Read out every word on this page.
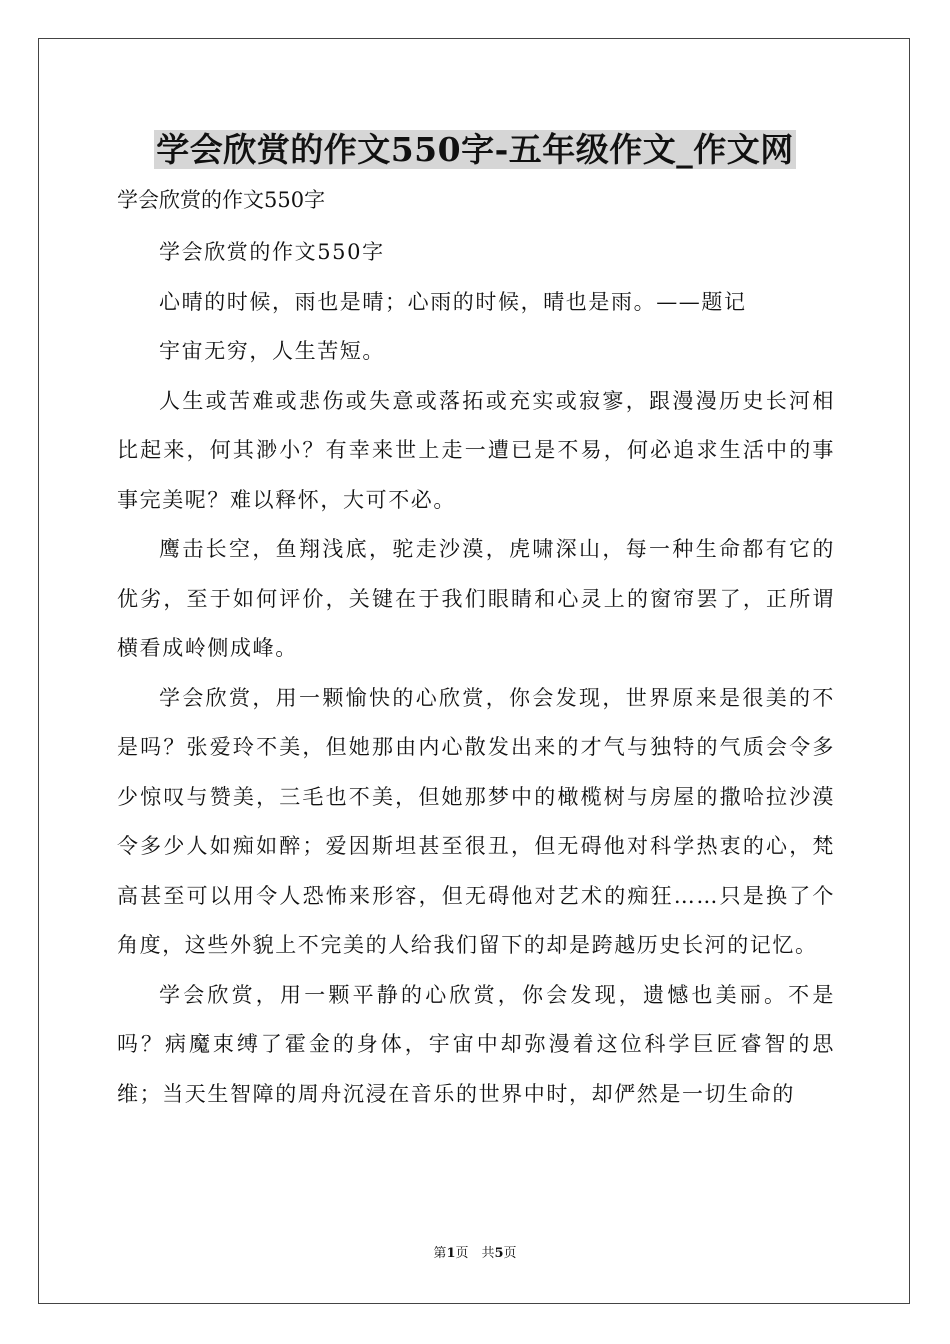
学会欣赏的作文550字-五年级作文_作文网
学会欣赏的作文550字

学会欣赏的作文550字

心晴的时候，雨也是晴；心雨的时候，晴也是雨。——题记

宇宙无穷，人生苦短。

人生或苦难或悲伤或失意或落拓或充实或寂寥，跟漫漫历史长河相比起来，何其渺小？有幸来世上走一遭已是不易，何必追求生活中的事事完美呢？难以释怀，大可不必。

鹰击长空，鱼翔浅底，驼走沙漠，虎啸深山，每一种生命都有它的优劣，至于如何评价，关键在于我们眼睛和心灵上的窗帘罢了，正所谓横看成岭侧成峰。

学会欣赏，用一颗愉快的心欣赏，你会发现，世界原来是很美的不是吗？张爱玲不美，但她那由内心散发出来的才气与独特的气质会令多少惊叹与赞美，三毛也不美，但她那梦中的橄榄树与房屋的撒哈拉沙漠令多少人如痴如醉；爱因斯坦甚至很丑，但无碍他对科学热衷的心，梵高甚至可以用令人恐怖来形容，但无碍他对艺术的痴狂……只是换了个角度，这些外貌上不完美的人给我们留下的却是跨越历史长河的记忆。

学会欣赏，用一颗平静的心欣赏，你会发现，遗憾也美丽。不是吗？病魔束缚了霍金的身体，宇宙中却弥漫着这位科学巨匠睿智的思维；当天生智障的周舟沉浸在音乐的世界中时，却俨然是一切生命的

第1页　共5页
